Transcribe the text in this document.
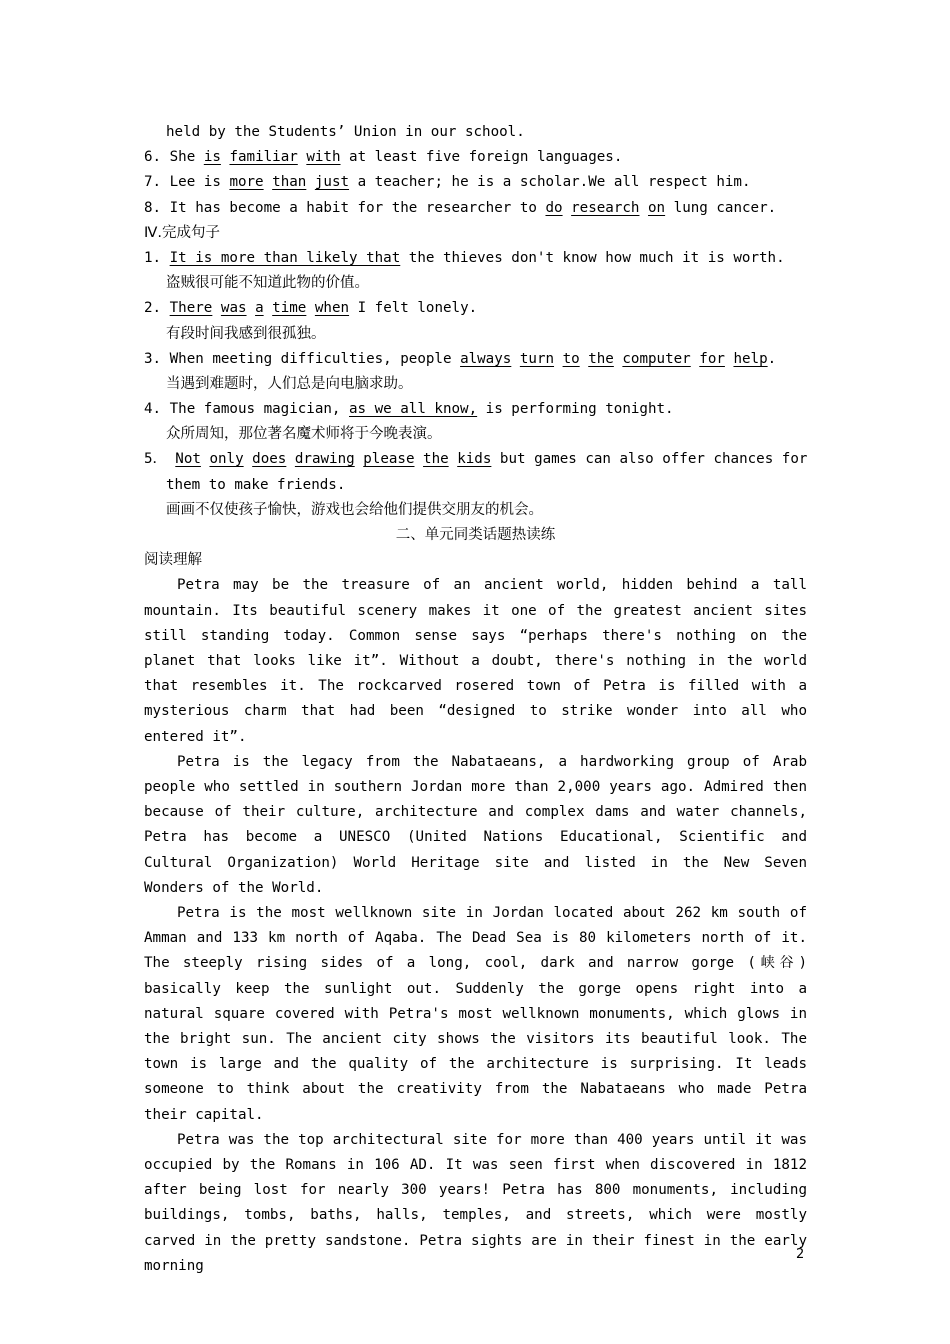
held by the Students’ Union in our school.
6. She is familiar with at least five foreign languages.
7. Lee is more than just a teacher; he is a scholar.We all respect him.
8. It has become a habit for the researcher to do research on lung cancer.
Ⅳ.完成句子
1. It is more than likely that the thieves don't know how much it is worth.
盗贼很可能不知道此物的价值。
2. There was a time when I felt lonely.
有段时间我感到很孤独。
3. When meeting difficulties, people always turn to the computer for help.
当遇到难题时，人们总是向电脑求助。
4. The famous magician, as we all know, is performing tonight.
众所周知，那位著名魔术师将于今晚表演。
5． Not only does drawing please the kids but games can also offer chances for
them to make friends.
画画不仅使孩子愉快，游戏也会给他们提供交朋友的机会。
二、单元同类话题热读练
阅读理解

Petra may be the treasure of an ancient world, hidden behind a tall mountain. Its beautiful scenery makes it one of the greatest ancient sites still standing today. Common sense says “perhaps there's nothing on the planet that looks like it”. Without a doubt, there's nothing in the world that resembles it. The rockcarved rosered town of Petra is filled with a mysterious charm that had been “designed to strike wonder into all who entered it”.

Petra is the legacy from the Nabataeans, a hardworking group of Arab people who settled in southern Jordan more than 2,000 years ago. Admired then because of their culture, architecture and complex dams and water channels, Petra has become a UNESCO (United Nations Educational, Scientific and Cultural Organization) World Heritage site and listed in the New Seven Wonders of the World.

Petra is the most wellknown site in Jordan located about 262 km south of Amman and 133 km north of Aqaba. The Dead Sea is 80 kilometers north of it. The steeply rising sides of a long, cool, dark and narrow gorge (峡谷) basically keep the sunlight out. Suddenly the gorge opens right into a natural square covered with Petra's most wellknown monuments, which glows in the bright sun. The ancient city shows the visitors its beautiful look. The town is large and the quality of the architecture is surprising. It leads someone to think about the creativity from the Nabataeans who made Petra their capital.

Petra was the top architectural site for more than 400 years until it was occupied by the Romans in 106 AD. It was seen first when discovered in 1812 after being lost for nearly 300 years! Petra has 800 monuments, including buildings, tombs, baths, halls, temples, and streets, which were mostly carved in the pretty sandstone. Petra sights are in their finest in the early morning

2
